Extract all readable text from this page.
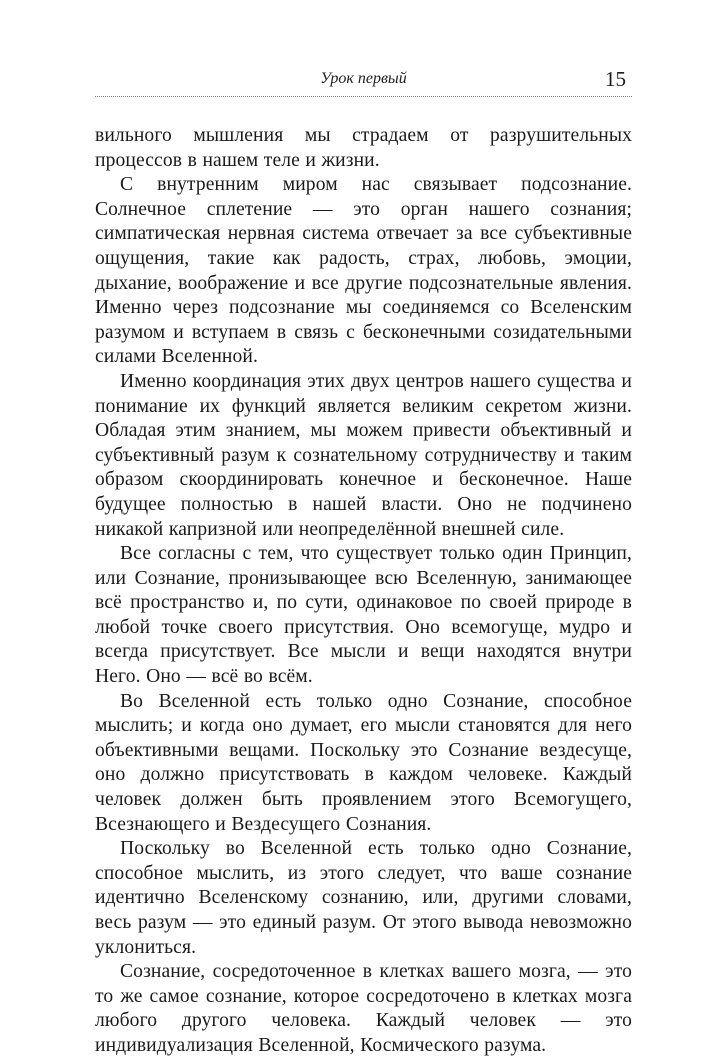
Урок первый	15

вильного мышления мы страдаем от разрушительных процессов в нашем теле и жизни.

С внутренним миром нас связывает подсознание. Солнечное сплетение — это орган нашего сознания; симпатическая нервная система отвечает за все субъективные ощущения, такие как радость, страх, любовь, эмоции, дыхание, воображение и все другие подсознательные явления. Именно через подсознание мы соединяемся со Вселенским разумом и вступаем в связь с бесконечными созидательными силами Вселенной.

Именно координация этих двух центров нашего существа и понимание их функций является великим секретом жизни. Обладая этим знанием, мы можем привести объективный и субъективный разум к сознательному сотрудничеству и таким образом скоординировать конечное и бесконечное. Наше будущее полностью в нашей власти. Оно не подчинено никакой капризной или неопределённой внешней силе.

Все согласны с тем, что существует только один Принцип, или Сознание, пронизывающее всю Вселенную, занимающее всё пространство и, по сути, одинаковое по своей природе в любой точке своего присутствия. Оно всемогуще, мудро и всегда присутствует. Все мысли и вещи находятся внутри Него. Оно — всё во всём.

Во Вселенной есть только одно Сознание, способное мыслить; и когда оно думает, его мысли становятся для него объективными вещами. Поскольку это Сознание вездесуще, оно должно присутствовать в каждом человеке. Каждый человек должен быть проявлением этого Всемогущего, Всезнающего и Вездесущего Сознания.

Поскольку во Вселенной есть только одно Сознание, способное мыслить, из этого следует, что ваше сознание идентично Вселенскому сознанию, или, другими словами, весь разум — это единый разум. От этого вывода невозможно уклониться.

Сознание, сосредоточенное в клетках вашего мозга, — это то же самое сознание, которое сосредоточено в клетках мозга любого другого человека. Каждый человек — это индивидуализация Вселенной, Космического разума.
